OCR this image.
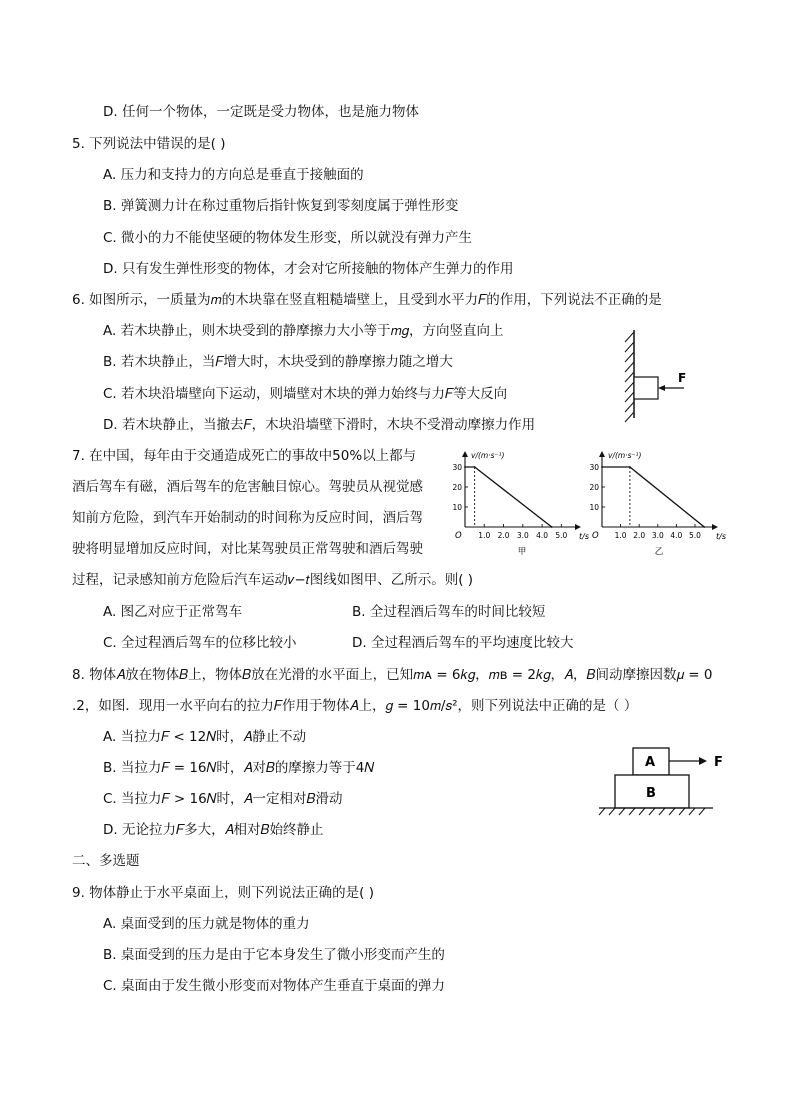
D. 任何一个物体，一定既是受力物体，也是施力物体
5. 下列说法中错误的是( )
A. 压力和支持力的方向总是垂直于接触面的
B. 弹簧测力计在称过重物后指针恢复到零刻度属于弹性形变
C. 微小的力不能使坚硬的物体发生形变，所以就没有弹力产生
D. 只有发生弹性形变的物体，才会对它所接触的物体产生弹力的作用
6. 如图所示，一质量为𝑚的木块靠在竖直粗糙墙壁上，且受到水平力𝐹的作用，下列说法不正确的是
A. 若木块静止，则木块受到的静摩擦力大小等于𝑚𝑔，方向竖直向上
B. 若木块静止，当𝐹增大时，木块受到的静摩擦力随之增大
C. 若木块沿墙壁向下运动，则墙壁对木块的弹力始终与力𝐹等大反向
D. 若木块静止，当撤去𝐹，木块沿墙壁下滑时，木块不受滑动摩擦力作用
F
7. 在中国，每年由于交通造成死亡的事故中50%以上都与
酒后驾车有磁，酒后驾车的危害触目惊心。驾驶员从视觉感
知前方危险，到汽车开始制动的时间称为反应时间，酒后驾
驶将明显增加反应时间，对比某驾驶员正常驾驶和酒后驾驶
过程，记录感知前方危险后汽车运动𝑣−𝑡图线如图甲、乙所示。则( )
v/(m·s⁻¹)
t/s
O
甲
1.0 2.0 3.0 4.0 5.0
10
20
30
v/(m·s⁻¹)
t/s
O
乙
1.0 2.0 3.0 4.0 5.0
10
20
30
A. 图乙对应于正常驾车	B. 全过程酒后驾车的时间比较短
C. 全过程酒后驾车的位移比较小	D. 全过程酒后驾车的平均速度比较大
8. 物体𝐴放在物体𝐵上，物体𝐵放在光滑的水平面上，已知𝑚ᴀ = 6𝑘𝑔，𝑚ʙ = 2𝑘𝑔，𝐴，𝐵间动摩擦因数𝜇 = 0
.2，如图．现用一水平向右的拉力𝐹作用于物体𝐴上，𝑔 = 10𝑚/𝑠²，则下列说法中正确的是（ ）
A. 当拉力𝐹 < 12𝑁时，𝐴静止不动
B. 当拉力𝐹 = 16𝑁时，𝐴对𝐵的摩擦力等于4𝑁
C. 当拉力𝐹 > 16𝑁时，𝐴一定相对𝐵滑动
D. 无论拉力𝐹多大，𝐴相对𝐵始终静止
A
B
F
二、多选题
9. 物体静止于水平桌面上，则下列说法正确的是( )
A. 桌面受到的压力就是物体的重力
B. 桌面受到的压力是由于它本身发生了微小形变而产生的
C. 桌面由于发生微小形变而对物体产生垂直于桌面的弹力
